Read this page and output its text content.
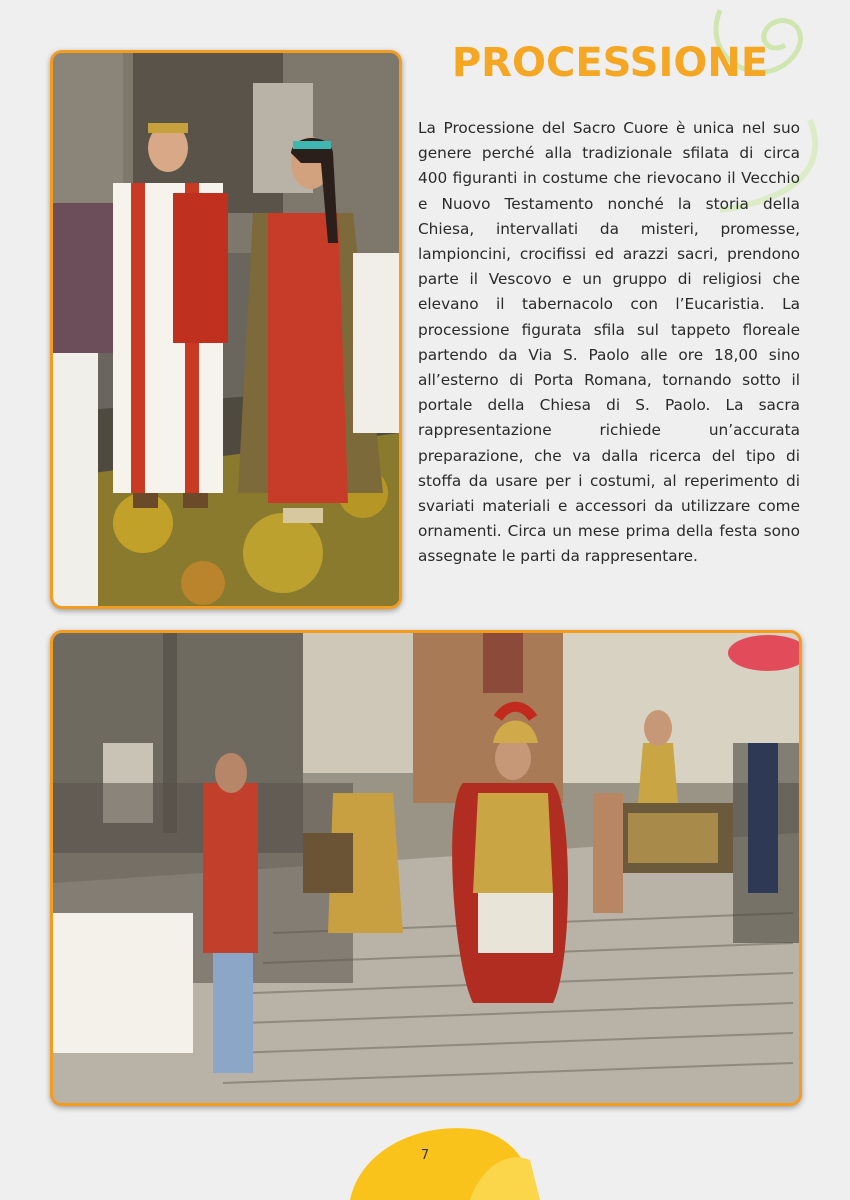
PROCESSIONE

La Processione del Sacro Cuore è unica nel suo genere perché alla tradizionale sfilata di circa 400 figuranti in costume che rievocano il Vecchio e Nuovo Testamento nonché la storia della Chiesa, intervallati da misteri, promesse, lampioncini, crocifissi ed arazzi sacri, prendono parte il Vescovo e un gruppo di religiosi che elevano il tabernacolo con l’Eucaristia. La processione figurata sfila sul tappeto floreale partendo da Via S. Paolo alle ore 18,00 sino all’esterno di Porta Romana, tornando sotto il portale della Chiesa di S. Paolo. La sacra rappresentazione richiede un’accurata preparazione, che va dalla ricerca del tipo di stoffa da usare per i costumi, al reperimento di svariati materiali e accessori da utilizzare come ornamenti. Circa un mese prima della festa sono assegnate le parti da rappresentare.

7
